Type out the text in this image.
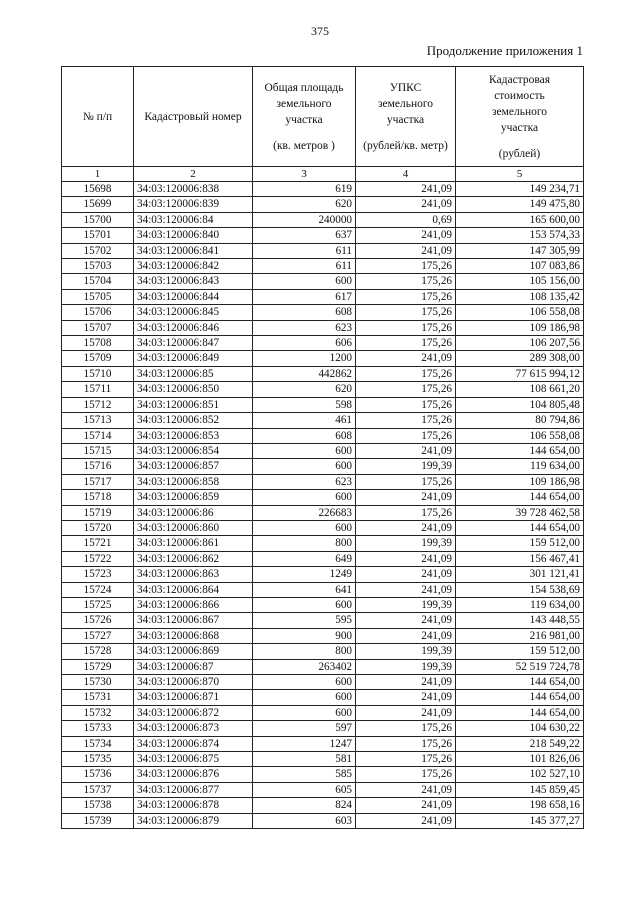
375
Продолжение приложения 1
№ п/п	Кадастровый номер	Общая площадь
земельного
участка
(кв. метров )	УПКС
земельного
участка
(рублей/кв. метр)	Кадастровая
стоимость
земельного
участка
(рублей)

1	2	3	4	5
15698	34:03:120006:838	619	241,09	149 234,71
15699	34:03:120006:839	620	241,09	149 475,80
15700	34:03:120006:84	240000	0,69	165 600,00
15701	34:03:120006:840	637	241,09	153 574,33
15702	34:03:120006:841	611	241,09	147 305,99
15703	34:03:120006:842	611	175,26	107 083,86
15704	34:03:120006:843	600	175,26	105 156,00
15705	34:03:120006:844	617	175,26	108 135,42
15706	34:03:120006:845	608	175,26	106 558,08
15707	34:03:120006:846	623	175,26	109 186,98
15708	34:03:120006:847	606	175,26	106 207,56
15709	34:03:120006:849	1200	241,09	289 308,00
15710	34:03:120006:85	442862	175,26	77 615 994,12
15711	34:03:120006:850	620	175,26	108 661,20
15712	34:03:120006:851	598	175,26	104 805,48
15713	34:03:120006:852	461	175,26	80 794,86
15714	34:03:120006:853	608	175,26	106 558,08
15715	34:03:120006:854	600	241,09	144 654,00
15716	34:03:120006:857	600	199,39	119 634,00
15717	34:03:120006:858	623	175,26	109 186,98
15718	34:03:120006:859	600	241,09	144 654,00
15719	34:03:120006:86	226683	175,26	39 728 462,58
15720	34:03:120006:860	600	241,09	144 654,00
15721	34:03:120006:861	800	199,39	159 512,00
15722	34:03:120006:862	649	241,09	156 467,41
15723	34:03:120006:863	1249	241,09	301 121,41
15724	34:03:120006:864	641	241,09	154 538,69
15725	34:03:120006:866	600	199,39	119 634,00
15726	34:03:120006:867	595	241,09	143 448,55
15727	34:03:120006:868	900	241,09	216 981,00
15728	34:03:120006:869	800	199,39	159 512,00
15729	34:03:120006:87	263402	199,39	52 519 724,78
15730	34:03:120006:870	600	241,09	144 654,00
15731	34:03:120006:871	600	241,09	144 654,00
15732	34:03:120006:872	600	241,09	144 654,00
15733	34:03:120006:873	597	175,26	104 630,22
15734	34:03:120006:874	1247	175,26	218 549,22
15735	34:03:120006:875	581	175,26	101 826,06
15736	34:03:120006:876	585	175,26	102 527,10
15737	34:03:120006:877	605	241,09	145 859,45
15738	34:03:120006:878	824	241,09	198 658,16
15739	34:03:120006:879	603	241,09	145 377,27
